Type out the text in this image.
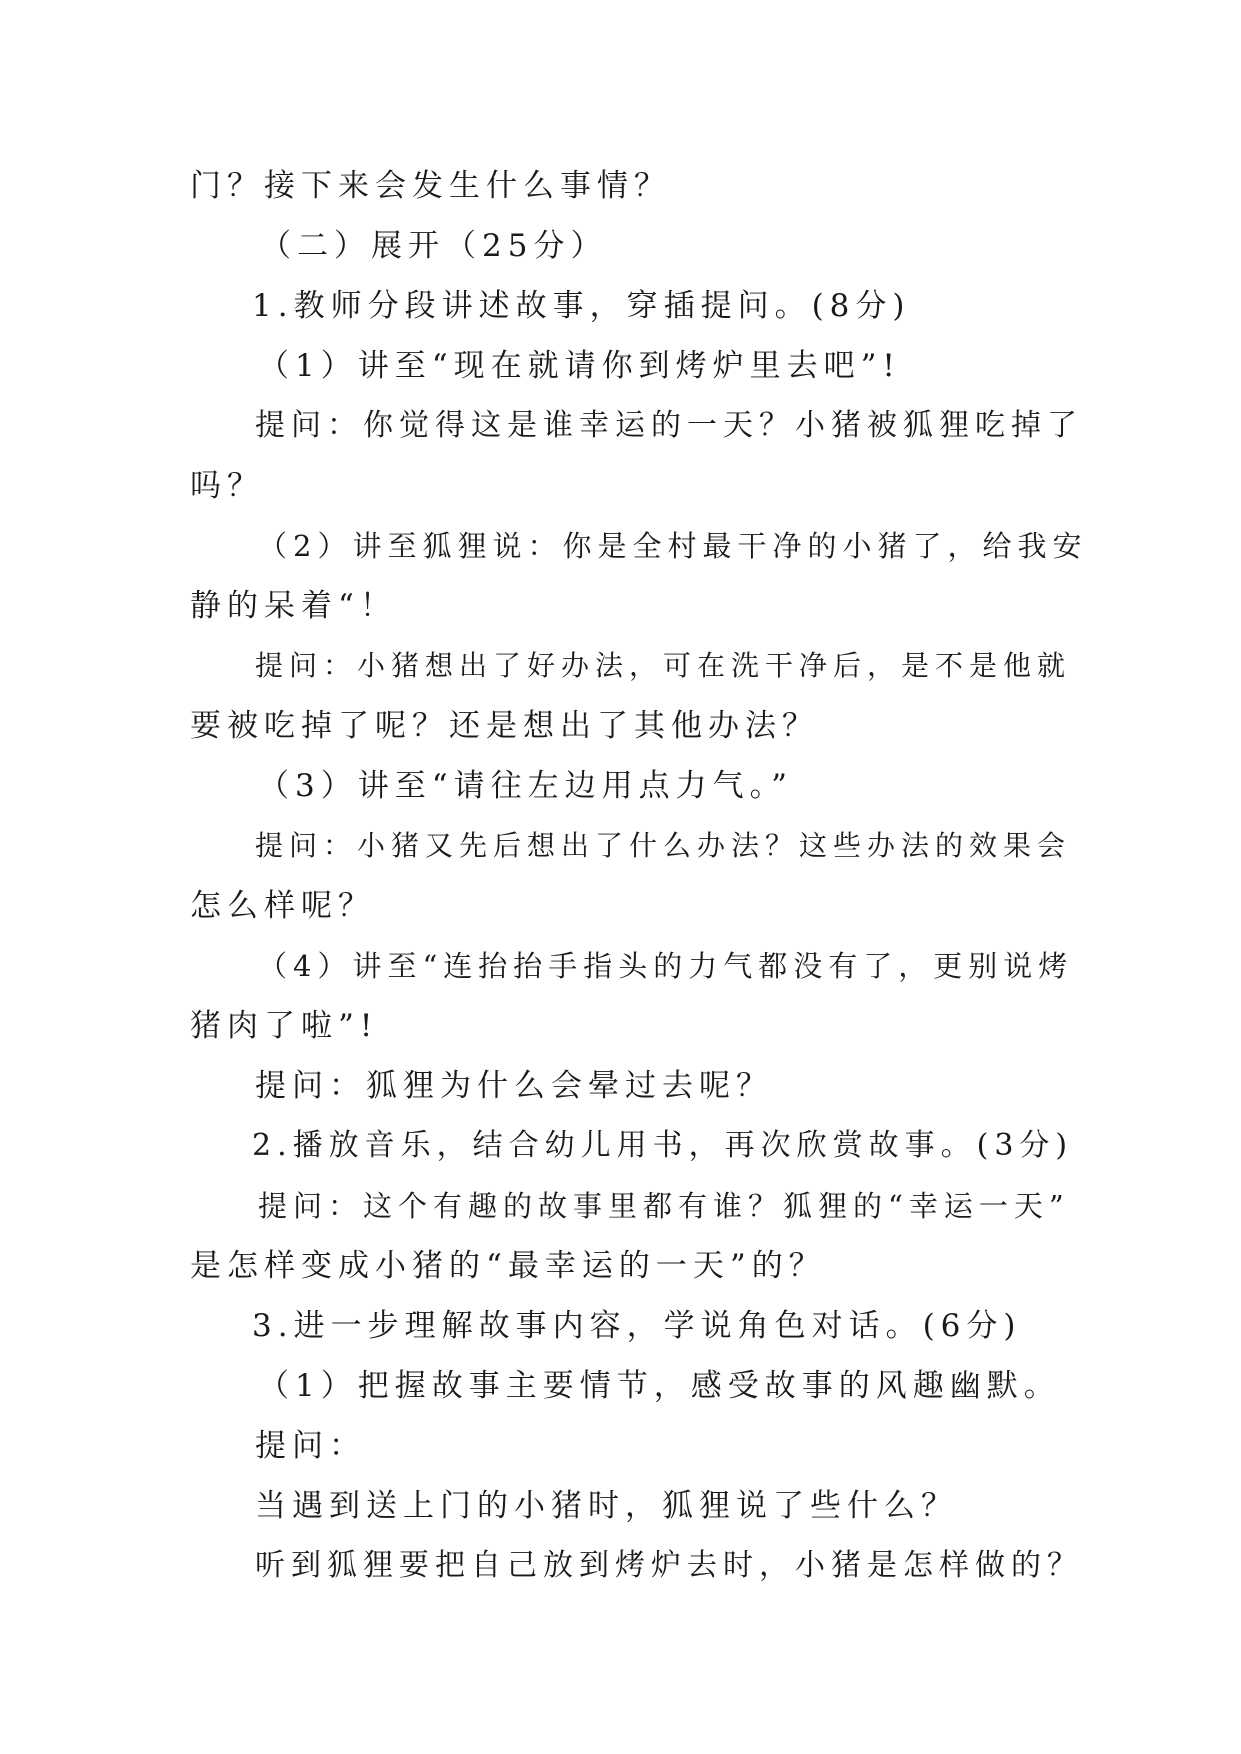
门？接下来会发生什么事情？
（二）展开（25分）
1.教师分段讲述故事，穿插提问。(8分)
（1）讲至“现在就请你到烤炉里去吧”!
提问：你觉得这是谁幸运的一天？小猪被狐狸吃掉了
吗？
（2）讲至狐狸说：你是全村最干净的小猪了，给我安
静的呆着“！
提问：小猪想出了好办法，可在洗干净后，是不是他就
要被吃掉了呢？还是想出了其他办法？
（3）讲至“请往左边用点力气。”
提问：小猪又先后想出了什么办法？这些办法的效果会
怎么样呢？
（4）讲至“连抬抬手指头的力气都没有了，更别说烤
猪肉了啦”!
提问：狐狸为什么会晕过去呢？
2.播放音乐，结合幼儿用书，再次欣赏故事。(3分)
提问：这个有趣的故事里都有谁？狐狸的“幸运一天”
是怎样变成小猪的“最幸运的一天”的？
3.进一步理解故事内容，学说角色对话。(6分)
（1）把握故事主要情节，感受故事的风趣幽默。
提问：
当遇到送上门的小猪时，狐狸说了些什么？
听到狐狸要把自己放到烤炉去时，小猪是怎样做的？
